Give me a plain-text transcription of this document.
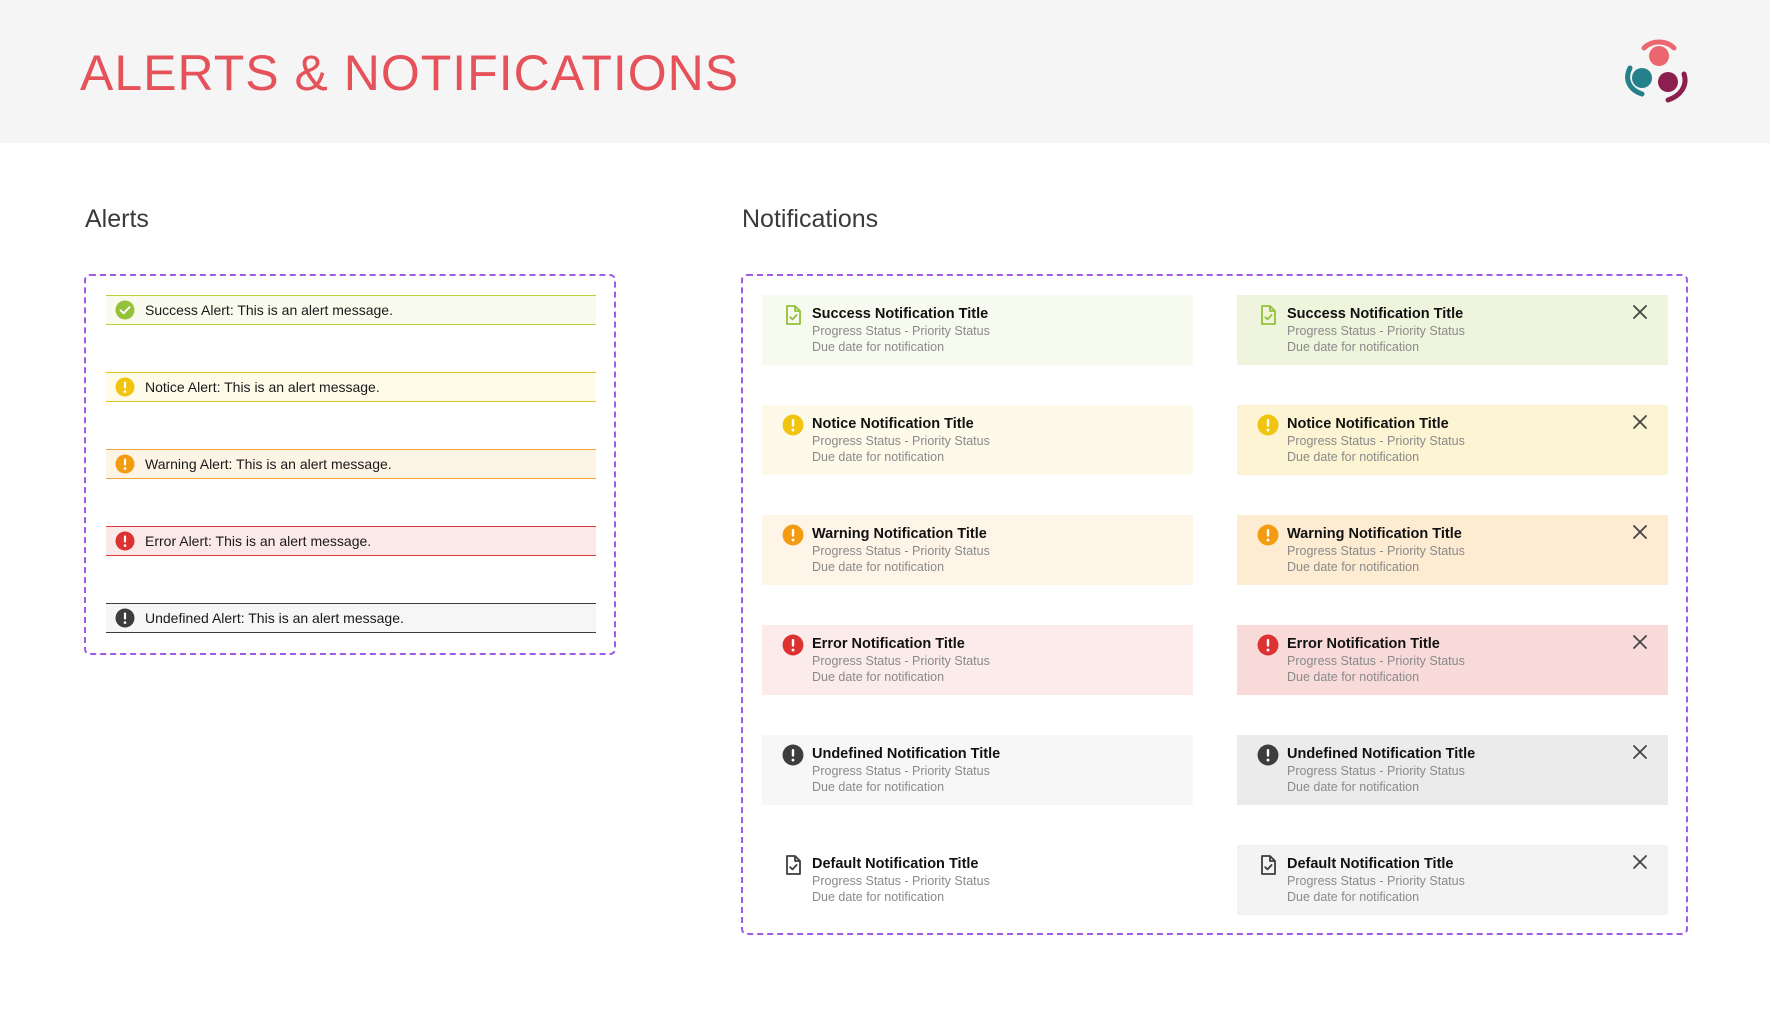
ALERTS & NOTIFICATIONS
Alerts	Notifications
Success Alert: This is an alert message.
Notice Alert: This is an alert message.
Warning Alert: This is an alert message.
Error Alert: This is an alert message.
Undefined Alert: This is an alert message.
Success Notification Title
Progress Status - Priority Status
Due date for notification
Notice Notification Title
Progress Status - Priority Status
Due date for notification
Warning Notification Title
Progress Status - Priority Status
Due date for notification
Error Notification Title
Progress Status - Priority Status
Due date for notification
Undefined Notification Title
Progress Status - Priority Status
Due date for notification
Default Notification Title
Progress Status - Priority Status
Due date for notification
Success Notification Title
Progress Status - Priority Status
Due date for notification
Notice Notification Title
Progress Status - Priority Status
Due date for notification
Warning Notification Title
Progress Status - Priority Status
Due date for notification
Error Notification Title
Progress Status - Priority Status
Due date for notification
Undefined Notification Title
Progress Status - Priority Status
Due date for notification
Default Notification Title
Progress Status - Priority Status
Due date for notification
